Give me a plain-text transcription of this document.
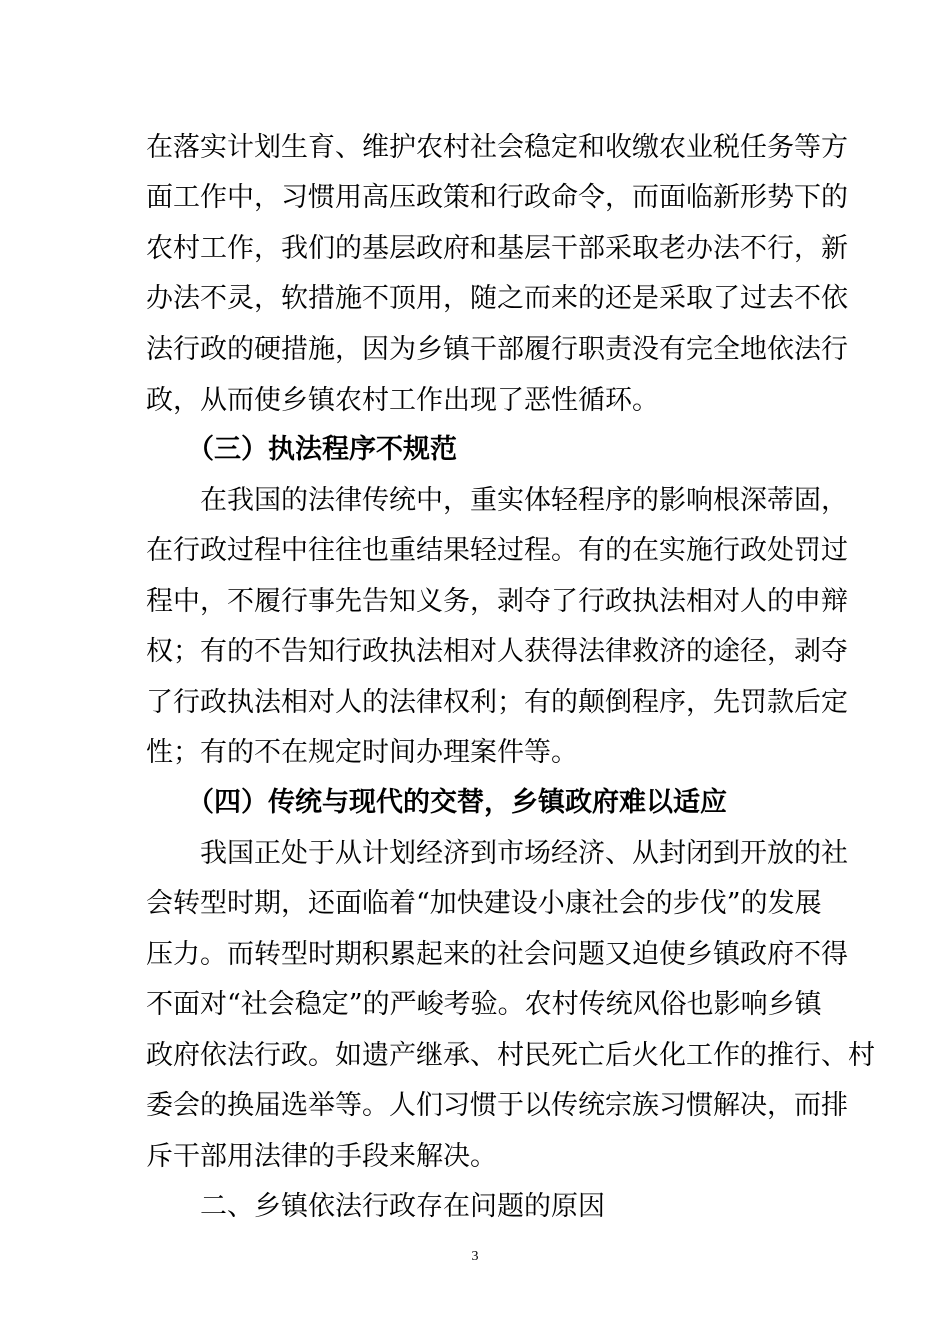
在落实计划生育、维护农村社会稳定和收缴农业税任务等方
面工作中，习惯用高压政策和行政命令，而面临新形势下的
农村工作，我们的基层政府和基层干部采取老办法不行，新
办法不灵，软措施不顶用，随之而来的还是采取了过去不依
法行政的硬措施，因为乡镇干部履行职责没有完全地依法行
政，从而使乡镇农村工作出现了恶性循环。
（三）执法程序不规范
在我国的法律传统中，重实体轻程序的影响根深蒂固，
在行政过程中往往也重结果轻过程。有的在实施行政处罚过
程中，不履行事先告知义务，剥夺了行政执法相对人的申辩
权；有的不告知行政执法相对人获得法律救济的途径，剥夺
了行政执法相对人的法律权利；有的颠倒程序，先罚款后定
性；有的不在规定时间办理案件等。
（四）传统与现代的交替，乡镇政府难以适应
我国正处于从计划经济到市场经济、从封闭到开放的社
会转型时期，还面临着“加快建设小康社会的步伐”的发展
压力。而转型时期积累起来的社会问题又迫使乡镇政府不得
不面对“社会稳定”的严峻考验。农村传统风俗也影响乡镇
政府依法行政。如遗产继承、村民死亡后火化工作的推行、村
委会的换届选举等。人们习惯于以传统宗族习惯解决，而排
斥干部用法律的手段来解决。
二、乡镇依法行政存在问题的原因
3
